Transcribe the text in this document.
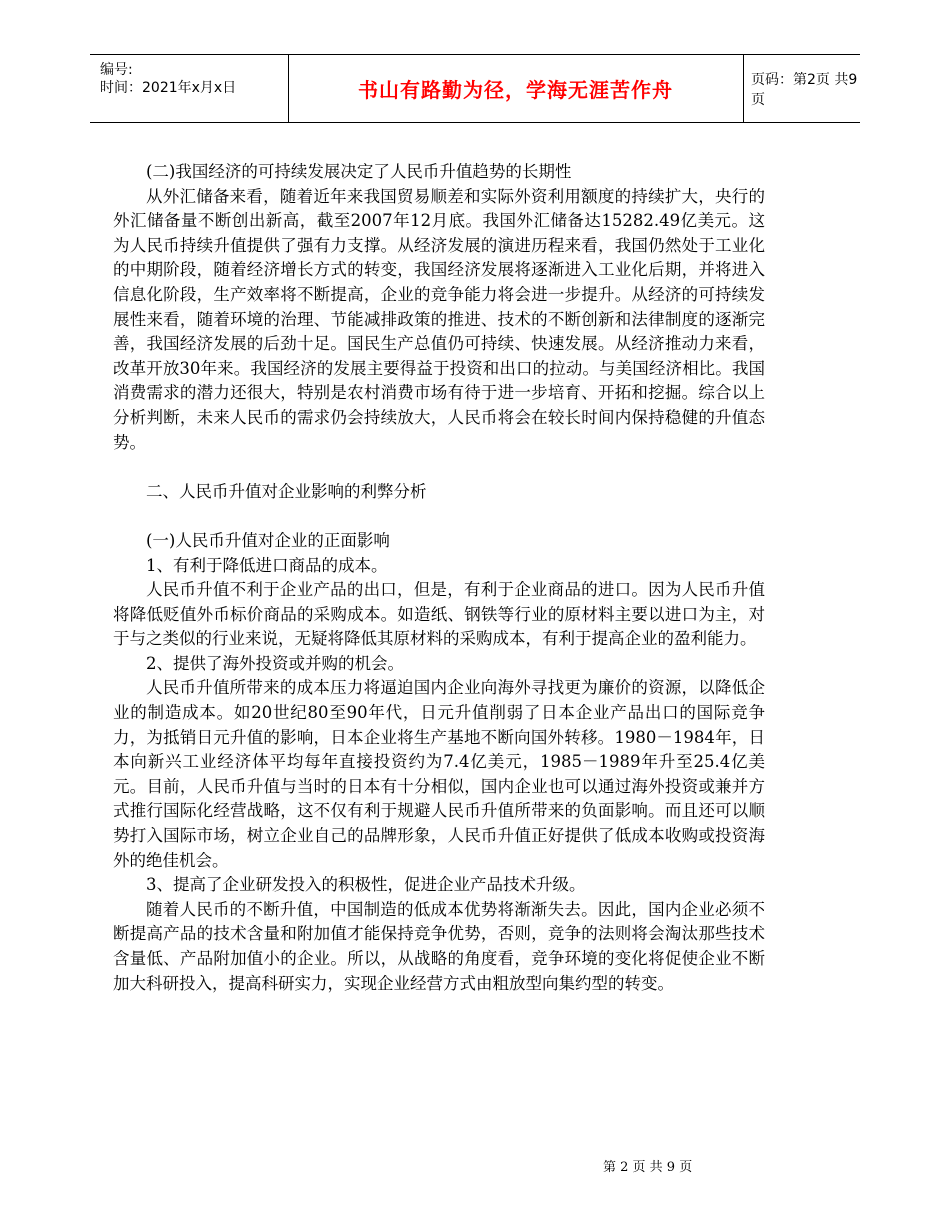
编号:
时间：2021年x月x日	书山有路勤为径，学海无涯苦作舟	页码：第2页 共9页

(二)我国经济的可持续发展决定了人民币升值趋势的长期性

从外汇储备来看，随着近年来我国贸易顺差和实际外资利用额度的持续扩大，央行的外汇储备量不断创出新高，截至2007年12月底。我国外汇储备达15282.49亿美元。这为人民币持续升值提供了强有力支撑。从经济发展的演进历程来看，我国仍然处于工业化的中期阶段，随着经济增长方式的转变，我国经济发展将逐渐进入工业化后期，并将进入信息化阶段，生产效率将不断提高，企业的竞争能力将会进一步提升。从经济的可持续发展性来看，随着环境的治理、节能减排政策的推进、技术的不断创新和法律制度的逐渐完善，我国经济发展的后劲十足。国民生产总值仍可持续、快速发展。从经济推动力来看，改革开放30年来。我国经济的发展主要得益于投资和出口的拉动。与美国经济相比。我国消费需求的潜力还很大，特别是农村消费市场有待于进一步培育、开拓和挖掘。综合以上分析判断，未来人民币的需求仍会持续放大，人民币将会在较长时间内保持稳健的升值态势。

二、人民币升值对企业影响的利弊分析

(一)人民币升值对企业的正面影响

1、有利于降低进口商品的成本。

人民币升值不利于企业产品的出口，但是，有利于企业商品的进口。因为人民币升值将降低贬值外币标价商品的采购成本。如造纸、钢铁等行业的原材料主要以进口为主，对于与之类似的行业来说，无疑将降低其原材料的采购成本，有利于提高企业的盈利能力。

2、提供了海外投资或并购的机会。

人民币升值所带来的成本压力将逼迫国内企业向海外寻找更为廉价的资源，以降低企业的制造成本。如20世纪80至90年代，日元升值削弱了日本企业产品出口的国际竞争力，为抵销日元升值的影响，日本企业将生产基地不断向国外转移。1980－1984年，日本向新兴工业经济体平均每年直接投资约为7.4亿美元，1985－1989年升至25.4亿美元。目前，人民币升值与当时的日本有十分相似，国内企业也可以通过海外投资或兼并方式推行国际化经营战略，这不仅有利于规避人民币升值所带来的负面影响。而且还可以顺势打入国际市场，树立企业自己的品牌形象，人民币升值正好提供了低成本收购或投资海外的绝佳机会。

3、提高了企业研发投入的积极性，促进企业产品技术升级。

随着人民币的不断升值，中国制造的低成本优势将渐渐失去。因此，国内企业必须不断提高产品的技术含量和附加值才能保持竞争优势，否则，竞争的法则将会淘汰那些技术含量低、产品附加值小的企业。所以，从战略的角度看，竞争环境的变化将促使企业不断加大科研投入，提高科研实力，实现企业经营方式由粗放型向集约型的转变。

第 2 页 共 9 页
